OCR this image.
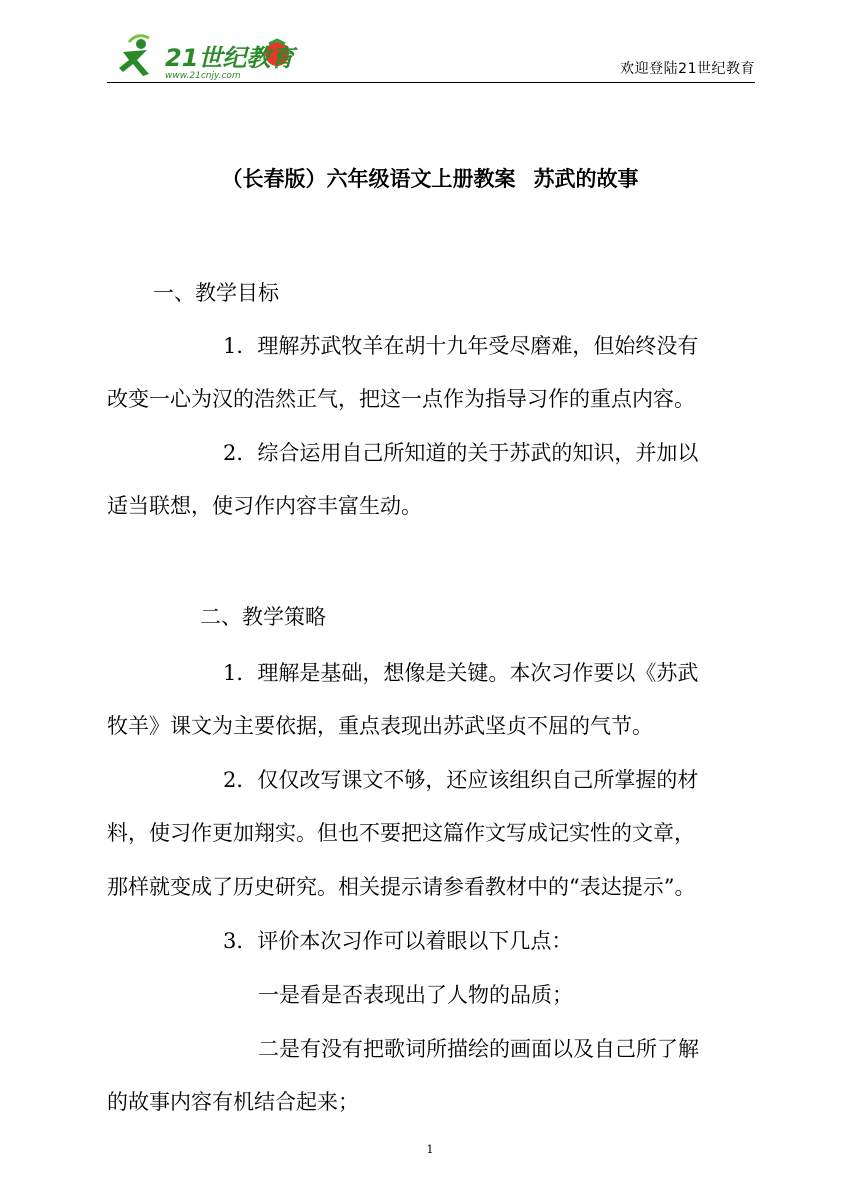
21世纪教育
www.21cnjy.com	欢迎登陆21世纪教育
（长春版）六年级语文上册教案 苏武的故事
一、教学目标
1．理解苏武牧羊在胡十九年受尽磨难，但始终没有
改变一心为汉的浩然正气，把这一点作为指导习作的重点内容。
2．综合运用自己所知道的关于苏武的知识，并加以
适当联想，使习作内容丰富生动。
二、教学策略
1．理解是基础，想像是关键。本次习作要以《苏武
牧羊》课文为主要依据，重点表现出苏武坚贞不屈的气节。
2．仅仅改写课文不够，还应该组织自己所掌握的材
料，使习作更加翔实。但也不要把这篇作文写成记实性的文章，
那样就变成了历史研究。相关提示请参看教材中的“表达提示”。
3．评价本次习作可以着眼以下几点：
一是看是否表现出了人物的品质；
二是有没有把歌词所描绘的画面以及自己所了解
的故事内容有机结合起来；
1
